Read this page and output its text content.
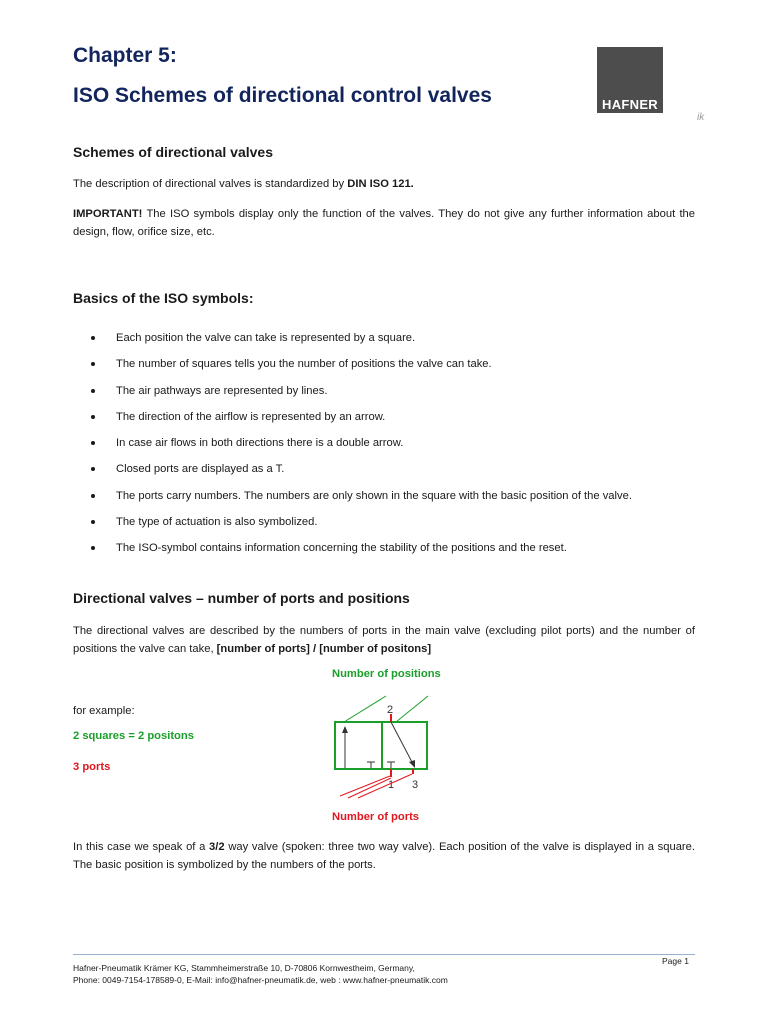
Chapter 5:
ISO Schemes of directional control valves	HAFNER
ik
Schemes of directional valves
The description of directional valves is standardized by DIN ISO 121.
IMPORTANT! The ISO symbols display only the function of the valves. They do not give any further information about the design, flow, orifice size, etc.
Basics of the ISO symbols:
Each position the valve can take is represented by a square.
The number of squares tells you the number of positions the valve can take.
The air pathways are represented by lines.
The direction of the airflow is represented by an arrow.
In case air flows in both directions there is a double arrow.
Closed ports are displayed as a T.
The ports carry numbers. The numbers are only shown in the square with the basic position of the valve.
The type of actuation is also symbolized.
The ISO-symbol contains information concerning the stability of the positions and the reset.
Directional valves – number of ports and positions
The directional valves are described by the numbers of ports in the main valve (excluding pilot ports) and the number of positions the valve can take, [number of ports] / [number of positons]
Number of positions
for example:
2 squares = 2 positons
3 ports
2
1 3
Number of ports
In this case we speak of a 3/2 way valve (spoken: three two way valve). Each position of the valve is displayed in a square. The basic position is symbolized by the numbers of the ports.
Page 1
Hafner-Pneumatik Krämer KG, Stammheimerstraße 10, D-70806 Kornwestheim, Germany,
Phone: 0049-7154-178589-0, E-Mail: info@hafner-pneumatik.de, web : www.hafner-pneumatik.com
